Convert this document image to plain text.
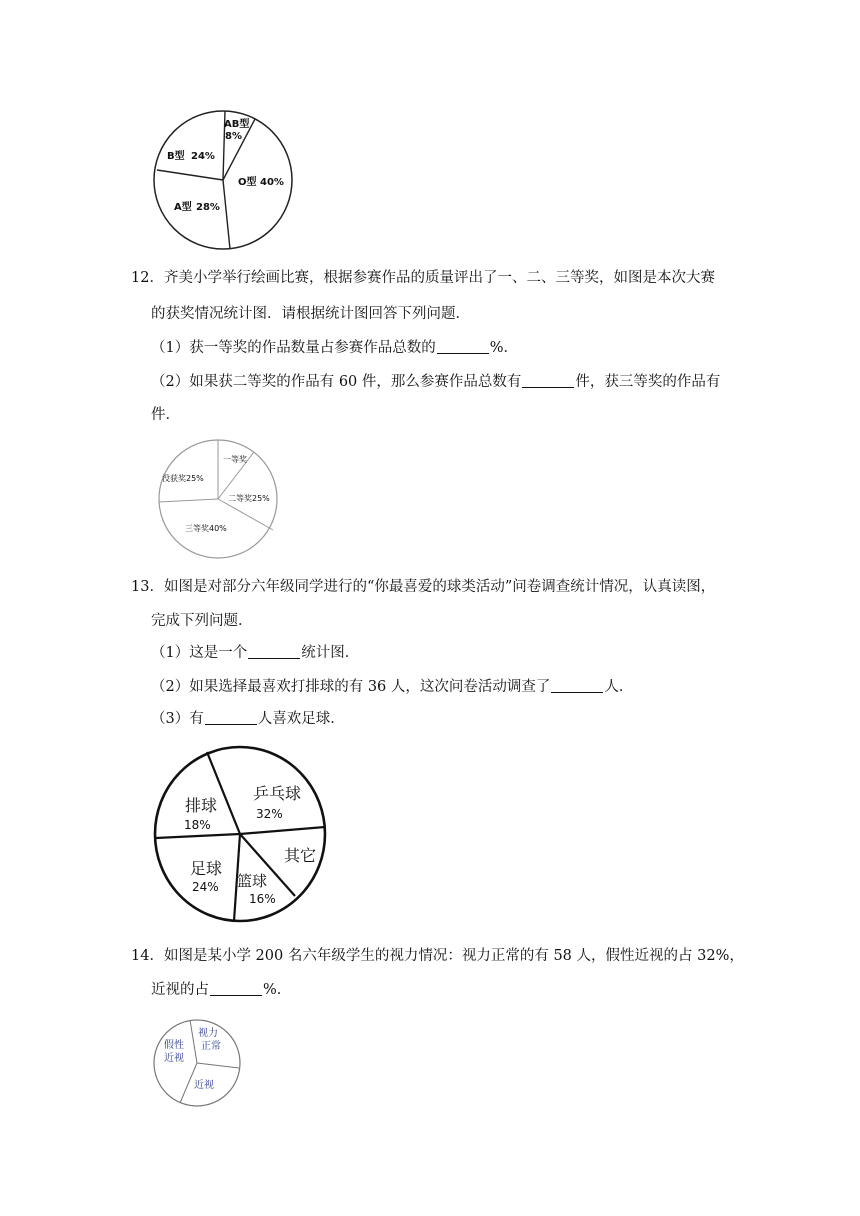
AB型
8%
B型 24%
O型 40%
A型 28%
12．齐美小学举行绘画比赛，根据参赛作品的质量评出了一、二、三等奖，如图是本次大赛
的获奖情况统计图．请根据统计图回答下列问题．
（1）获一等奖的作品数量占参赛作品总数的	%．
（2）如果获二等奖的作品有 60 件，那么参赛作品总数有	件，获三等奖的作品有
件．
一等奖
二等奖25%
三等奖40%
没获奖25%
13．如图是对部分六年级同学进行的“你最喜爱的球类活动”问卷调查统计情况，认真读图，
完成下列问题．
（1）这是一个	统计图．
（2）如果选择最喜欢打排球的有 36 人，这次问卷活动调查了	人．
（3）有	人喜欢足球．
乒乓球
32%
其它
篮球
16%
足球
24%
排球
18%
14．如图是某小学 200 名六年级学生的视力情况：视力正常的有 58 人，假性近视的占 32%，
近视的占	%．
视力
正常
假性
近视
近视
